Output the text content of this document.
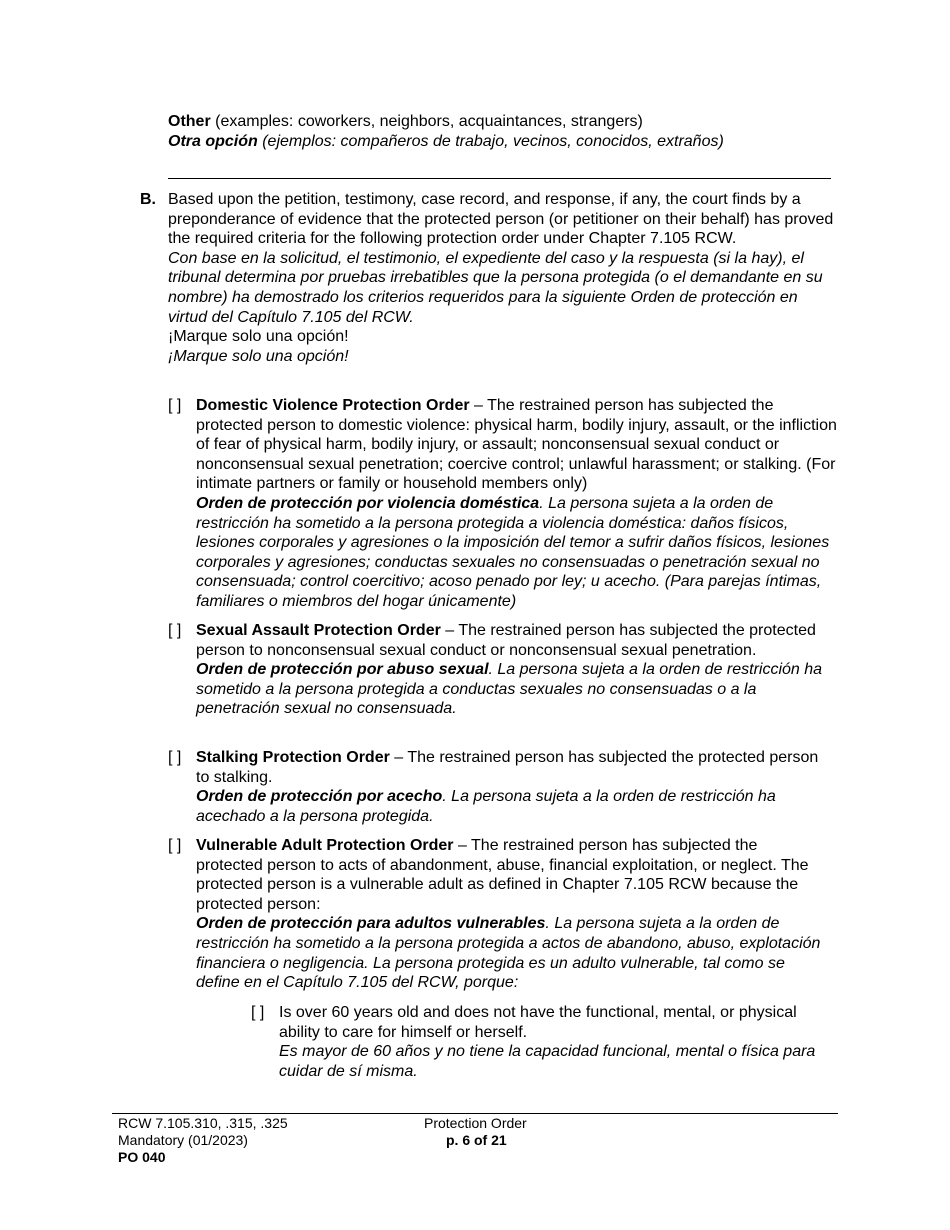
Other (examples: coworkers, neighbors, acquaintances, strangers)
Otra opción (ejemplos: compañeros de trabajo, vecinos, conocidos, extraños)
B. Based upon the petition, testimony, case record, and response, if any, the court finds by a preponderance of evidence that the protected person (or petitioner on their behalf) has proved the required criteria for the following protection order under Chapter 7.105 RCW.
Con base en la solicitud, el testimonio, el expediente del caso y la respuesta (si la hay), el tribunal determina por pruebas irrebatibles que la persona protegida (o el demandante en su nombre) ha demostrado los criterios requeridos para la siguiente Orden de protección en virtud del Capítulo 7.105 del RCW.
¡Marque solo una opción!
¡Marque solo una opción!
[ ] Domestic Violence Protection Order – The restrained person has subjected the protected person to domestic violence: physical harm, bodily injury, assault, or the infliction of fear of physical harm, bodily injury, or assault; nonconsensual sexual conduct or nonconsensual sexual penetration; coercive control; unlawful harassment; or stalking. (For intimate partners or family or household members only)
Orden de protección por violencia doméstica. La persona sujeta a la orden de restricción ha sometido a la persona protegida a violencia doméstica: daños físicos, lesiones corporales y agresiones o la imposición del temor a sufrir daños físicos, lesiones corporales y agresiones; conductas sexuales no consensuadas o penetración sexual no consensuada; control coercitivo; acoso penado por ley; u acecho. (Para parejas íntimas, familiares o miembros del hogar únicamente)
[ ] Sexual Assault Protection Order – The restrained person has subjected the protected person to nonconsensual sexual conduct or nonconsensual sexual penetration.
Orden de protección por abuso sexual. La persona sujeta a la orden de restricción ha sometido a la persona protegida a conductas sexuales no consensuadas o a la penetración sexual no consensuada.
[ ] Stalking Protection Order – The restrained person has subjected the protected person to stalking.
Orden de protección por acecho. La persona sujeta a la orden de restricción ha acechado a la persona protegida.
[ ] Vulnerable Adult Protection Order – The restrained person has subjected the protected person to acts of abandonment, abuse, financial exploitation, or neglect. The protected person is a vulnerable adult as defined in Chapter 7.105 RCW because the protected person:
Orden de protección para adultos vulnerables. La persona sujeta a la orden de restricción ha sometido a la persona protegida a actos de abandono, abuso, explotación financiera o negligencia. La persona protegida es un adulto vulnerable, tal como se define en el Capítulo 7.105 del RCW, porque:
[ ] Is over 60 years old and does not have the functional, mental, or physical ability to care for himself or herself.
Es mayor de 60 años y no tiene la capacidad funcional, mental o física para cuidar de sí misma.
RCW 7.105.310, .315, .325
Mandatory (01/2023)
PO 040
Protection Order
p. 6 of 21
